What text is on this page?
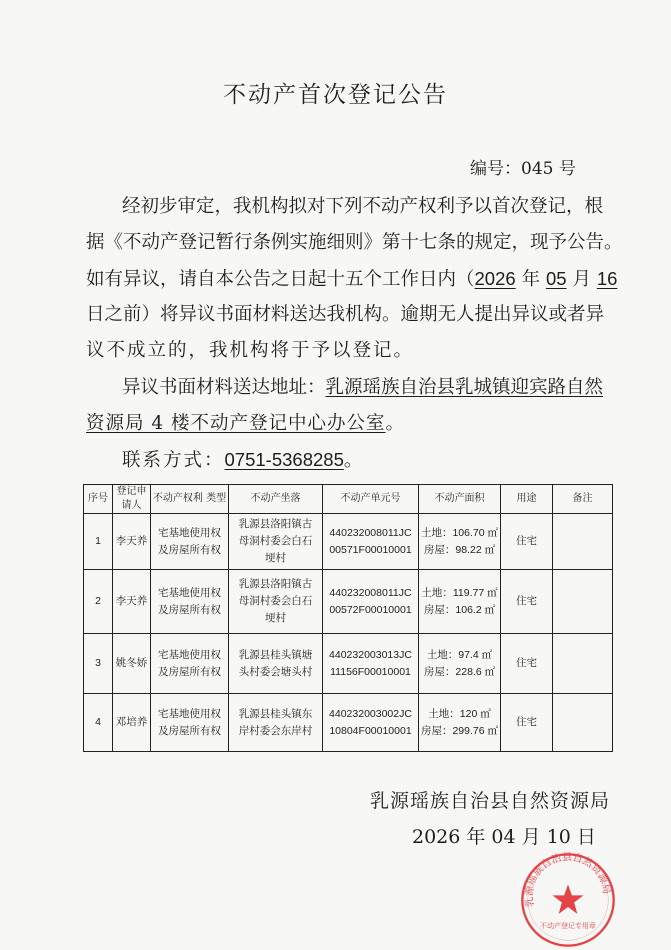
不动产首次登记公告
编号：045 号
经初步审定，我机构拟对下列不动产权利予以首次登记，根
据《不动产登记暂行条例实施细则》第十七条的规定，现予公告。
如有异议，请自本公告之日起十五个工作日内（2026 年 05 月 16
日之前）将异议书面材料送达我机构。逾期无人提出异议或者异
议不成立的，我机构将于予以登记。
异议书面材料送达地址：乳源瑶族自治县乳城镇迎宾路自然
资源局 4 楼不动产登记中心办公室。
联系方式：0751-5368285。
序号	登记申请人	不动产权利 类型	不动产坐落	不动产单元号	不动产面积	用途	备注
1	李天养	宅基地使用权及房屋所有权	乳源县洛阳镇古母洞村委会白石埂村	440232008011JC00571F00010001	土地：106.70 ㎡
房屋：98.22 ㎡	住宅	
2	李天养	宅基地使用权及房屋所有权	乳源县洛阳镇古母洞村委会白石埂村	440232008011JC00572F00010001	土地：119.77 ㎡
房屋：106.2 ㎡	住宅	
3	姚冬娇	宅基地使用权及房屋所有权	乳源县桂头镇塘头村委会塘头村	440232003013JC11156F00010001	土地：97.4 ㎡
房屋：228.6 ㎡	住宅	
4	邓培养	宅基地使用权及房屋所有权	乳源县桂头镇东岸村委会东岸村	440232003002JC10804F00010001	土地：120 ㎡
房屋：299.76 ㎡	住宅	
乳源瑶族自治县自然资源局
2026 年 04 月 10 日
乳源瑶族自治县自然资源局
不动产登记专用章
